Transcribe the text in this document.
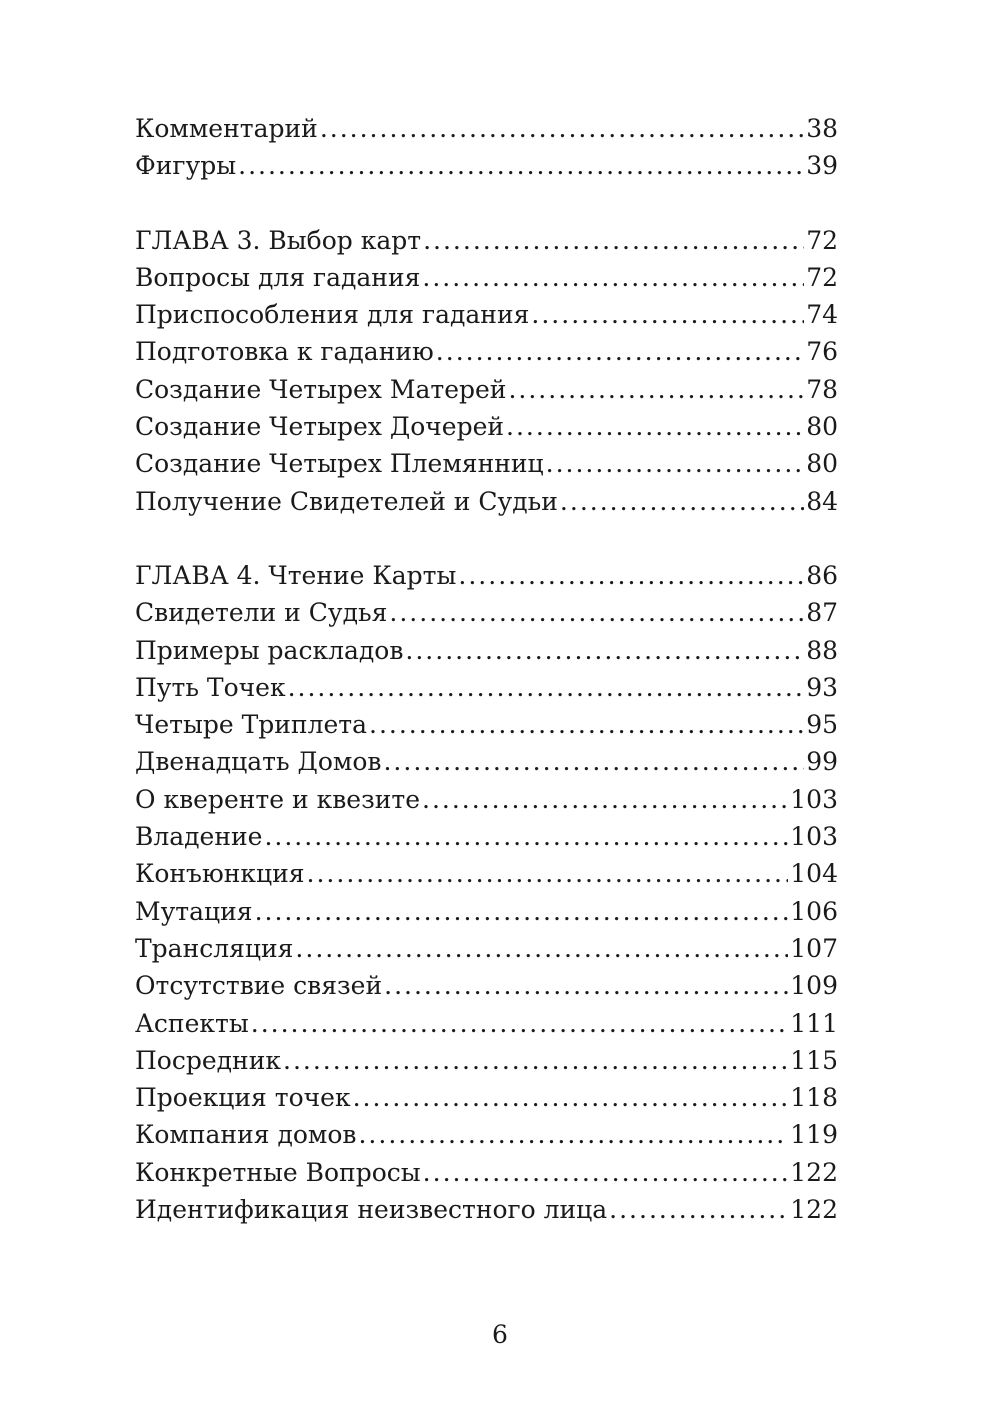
Комментарий .....	38
Фигуры .....	39
ГЛАВА 3. Выбор карт .....	72
Вопросы для гадания .....	72
Приспособления для гадания .....	74
Подготовка к гаданию .....	76
Создание Четырех Матерей .....	78
Создание Четырех Дочерей .....	80
Создание Четырех Племянниц .....	80
Получение Свидетелей и Судьи .....	84
ГЛАВА 4. Чтение Карты .....	86
Свидетели и Судья .....	87
Примеры раскладов .....	88
Путь Точек .....	93
Четыре Триплета .....	95
Двенадцать Домов .....	99
О кверенте и квезите .....	103
Владение .....	103
Конъюнкция .....	104
Мутация .....	106
Трансляция .....	107
Отсутствие связей .....	109
Аспекты .....	111
Посредник .....	115
Проекция точек .....	118
Компания домов .....	119
Конкретные Вопросы .....	122
Идентификация неизвестного лица .....	122
6
